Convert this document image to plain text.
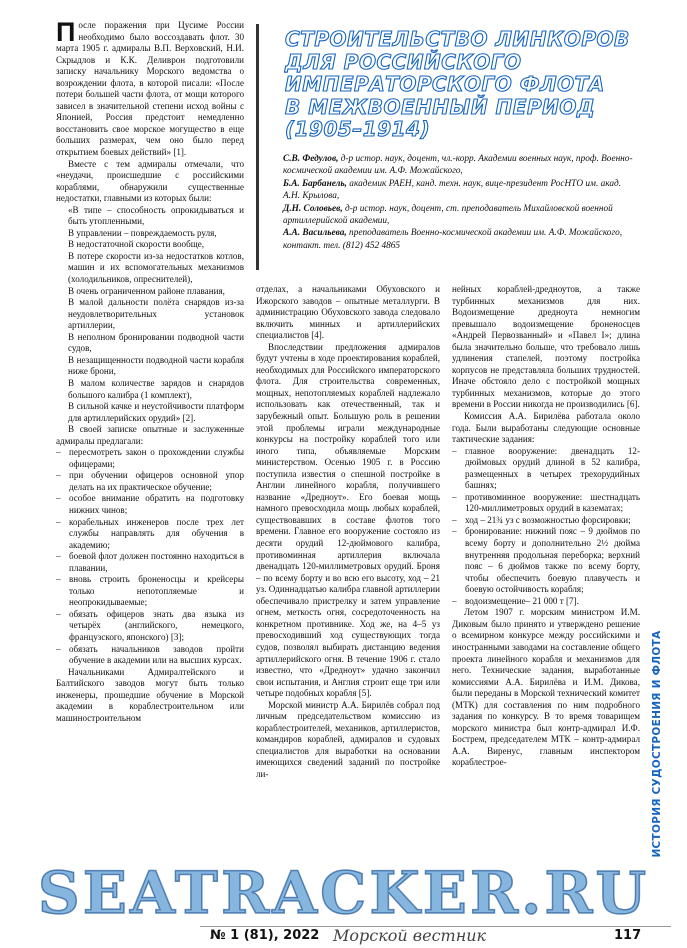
После поражения при Цусиме России необходимо было воссоздавать флот. 30 марта 1905 г. адмиралы В.П. Верховский, Н.И. Скрыдлов и К.К. Деливрон подготовили записку начальнику Морского ведомства о возрождении флота, в которой писали: «После потери большей части флота, от мощи которого зависел в значительной степени исход войны с Японией, Россия предстоит немедленно восстановить свое морское могущество в еще больших размерах, чем оно было перед открытием боевых действий» [1].

Вместе с тем адмиралы отмечали, что «неудачи, происшедшие с российскими кораблями, обнаружили существенные недостатки, главными из которых были:

«В типе – способность опрокидываться и быть утопленными,

В управлении – повреждаемость руля,

В недостаточной скорости вообще,

В потере скорости из-за недостатков котлов, машин и их вспомогательных механизмов (холодильников, опреснителей),

В очень ограниченном районе плавания,

В малой дальности полёта снарядов из-за неудовлетворительных установок артиллерии,

В неполном бронировании подводной части судов,

В незащищенности подводной части корабля ниже брони,

В малом количестве зарядов и снарядов большого калибра (1 комплект),

В сильной качке и неустойчивости платформ для артиллерийских орудий» [2].

В своей записке опытные и заслуженные адмиралы предлагали:

– пересмотреть закон о прохождении службы офицерами;
– при обучении офицеров основной упор делать на их практическое обучение;
– особое внимание обратить на подготовку нижних чинов;
– корабельных инженеров после трех лет службы направлять для обучения в академию;
– боевой флот должен постоянно находиться в плавании,
– вновь строить броненосцы и крейсеры только непотопляемые и неопрокидываемые;
– обязать офицеров знать два языка из четырёх (английского, немецкого, французского, японского) [3];
– обязать начальников заводов пройти обучение в академии или на высших курсах.

Начальниками Адмиралтейского и Балтийского заводов могут быть только инженеры, прошедшие обучение в Морской академии в кораблестроительном или машиностроительном

СТРОИТЕЛЬСТВО ЛИНКОРОВ
ДЛЯ РОССИЙСКОГО
ИМПЕРАТОРСКОГО ФЛОТА
В МЕЖВОЕННЫЙ ПЕРИОД
(1905–1914)

С.В. Федулов, д-р истор. наук, доцент, чл.-корр. Академии военных наук, проф. Военно-космической академии им. А.Ф. Можайского,

Б.А. Барбанель, академик РАЕН, канд. техн. наук, вице-президент РосНТО им. акад. А.Н. Крылова,

Д.Н. Соловьев, д-р истор. наук, доцент, ст. преподаватель Михайловской военной артиллерийской академии,

А.А. Васильева, преподаватель Военно-космической академии им. А.Ф. Можайского,

контакт. тел. (812) 452 4865

отделах, а начальниками Обуховского и Ижорского заводов – опытные металлурги. В администрацию Обуховского завода следовало включить минных и артиллерийских специалистов [4].

Впоследствии предложения адмиралов будут учтены в ходе проектирования кораблей, необходимых для Российского императорского флота. Для строительства современных, мощных, непотопляемых кораблей надлежало использовать как отечественный, так и зарубежный опыт. Большую роль в решении этой проблемы играли международные конкурсы на постройку кораблей того или иного типа, объявляемые Морским министерством. Осенью 1905 г. в Россию поступила известия о спешной постройке в Англии линейного корабля, получившего название «Дредноут». Его боевая мощь намного превосходила мощь любых кораблей, существовавших в составе флотов того времени. Главное его вооружение состояло из десяти орудий 12-дюймового калибра, противоминная артиллерия включала двенадцать 120-миллиметровых орудий. Броня – по всему борту и во всю его высоту, ход – 21 уз. Одиннадцатью калибра главной артиллерии обеспечивало пристрелку и затем управление огнем, меткость огня, сосредоточенность на конкретном противнике. Ход же, на 4–5 уз превосходивший ход существующих тогда судов, позволял выбирать дистанцию ведения артиллерийского огня. В течение 1906 г. стало известно, что «Дредноут» удачно закончил свои испытания, и Англия строит еще три или четыре подобных корабля [5].

Морской министр А.А. Бирилёв собрал под личным председательством комиссию из кораблестроителей, механиков, артиллеристов, командиров кораблей, адмиралов и судовых специалистов для выработки на основании имеющихся сведений заданий по постройке ли-

нейных кораблей-дредноутов, а также турбинных механизмов для них. Водоизмещение дредноута немногим превышало водоизмещение броненосцев «Андрей Первозванный» и «Павел I»; длина была значительно больше, что требовало лишь удлинения стапелей, поэтому постройка корпусов не представляла больших трудностей. Иначе обстояло дело с постройкой мощных турбинных механизмов, которые до этого времени в России никогда не производились [6].

Комиссия А.А. Бирилёва работала около года. Были выработаны следующие основные тактические задания:

– главное вооружение: двенадцать 12-дюймовых орудий длиной в 52 калибра, размещенных в четырех трехорудийных башнях;
– противоминное вооружение: шестнадцать 120-миллиметровых орудий в казематах;
– ход – 21¾ уз с возможностью форсировки;
– бронирование: нижний пояс – 9 дюймов по всему борту и дополнительно 2½ дюйма внутренняя продольная переборка; верхний пояс – 6 дюймов также по всему борту, чтобы обеспечить боевую плавучесть и боевую остойчивость корабля;
– водоизмещение– 21 000 т [7].

Летом 1907 г. морским министром И.М. Диковым было принято и утверждено решение о всемирном конкурсе между российскими и иностранными заводами на составление общего проекта линейного корабля и механизмов для него. Технические задания, выработанные комиссиями А.А. Бирилёва и И.М. Дикова, были переданы в Морской технический комитет (МТК) для составления по ним подробного задания по конкурсу. В то время товарищем морского министра был контр-адмирал И.Ф. Бострем, председателем МТК – контр-адмирал А.А. Виренус, главным инспектором кораблестрое-	ИСТОРИЯ СУДОСТРОЕНИЯ И ФЛОТА
SEATRACKER.RU
№ 1 (81), 2022 Морской вестник	117
